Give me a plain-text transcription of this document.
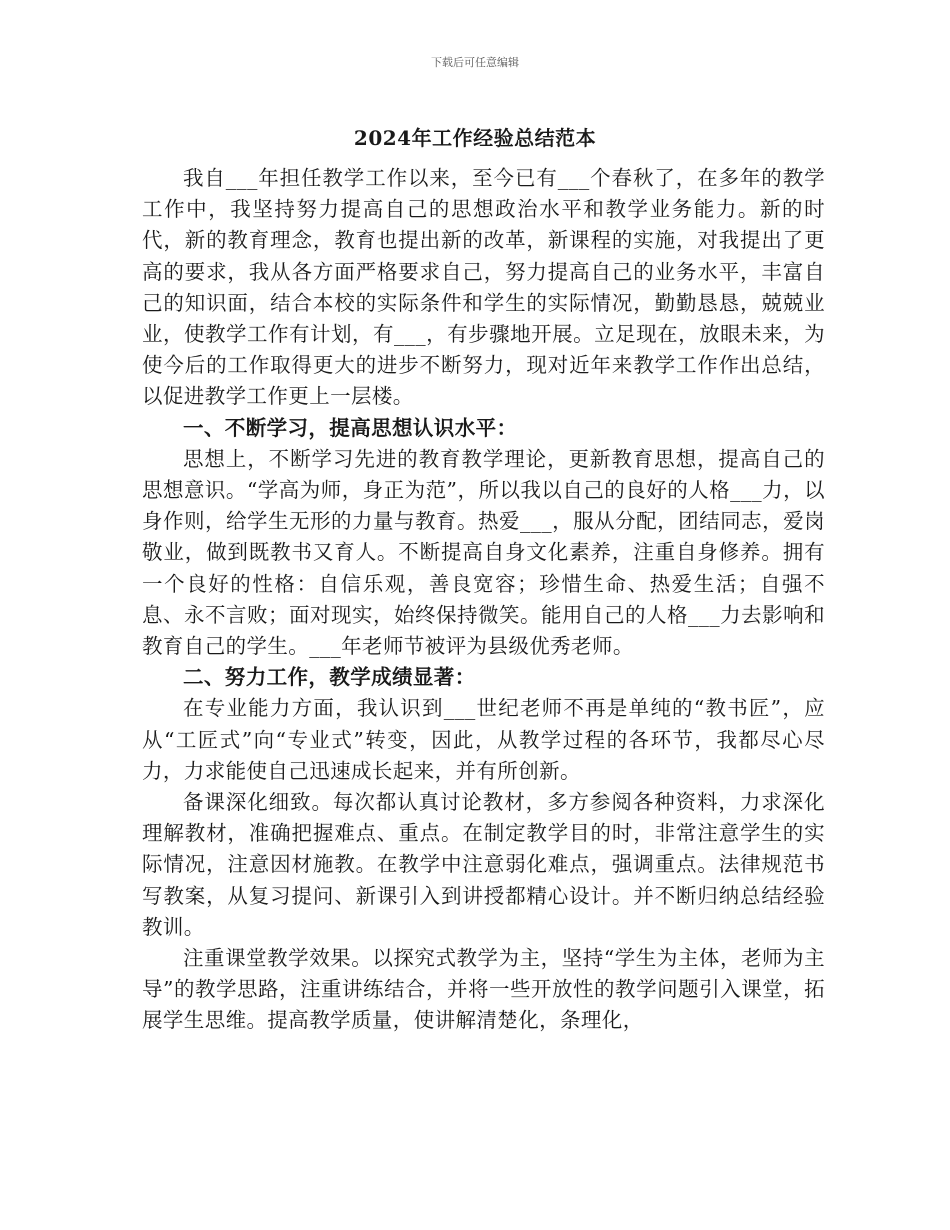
下载后可任意编辑
2024年工作经验总结范本

我自___年担任教学工作以来，至今已有___个春秋了，在多年的教学工作中，我坚持努力提高自己的思想政治水平和教学业务能力。新的时代，新的教育理念，教育也提出新的改革，新课程的实施，对我提出了更高的要求，我从各方面严格要求自己，努力提高自己的业务水平，丰富自己的知识面，结合本校的实际条件和学生的实际情况，勤勤恳恳，兢兢业业，使教学工作有计划，有___，有步骤地开展。立足现在，放眼未来，为使今后的工作取得更大的进步不断努力，现对近年来教学工作作出总结，以促进教学工作更上一层楼。

一、不断学习，提高思想认识水平：

思想上，不断学习先进的教育教学理论，更新教育思想，提高自己的思想意识。“学高为师，身正为范”，所以我以自己的良好的人格___力，以身作则，给学生无形的力量与教育。热爱___，服从分配，团结同志，爱岗敬业，做到既教书又育人。不断提高自身文化素养，注重自身修养。拥有一个良好的性格：自信乐观，善良宽容；珍惜生命、热爱生活；自强不息、永不言败；面对现实，始终保持微笑。能用自己的人格___力去影响和教育自己的学生。___年老师节被评为县级优秀老师。

二、努力工作，教学成绩显著：

在专业能力方面，我认识到___世纪老师不再是单纯的“教书匠”，应从“工匠式”向“专业式”转变，因此，从教学过程的各环节，我都尽心尽力，力求能使自己迅速成长起来，并有所创新。

备课深化细致。每次都认真讨论教材，多方参阅各种资料，力求深化理解教材，准确把握难点、重点。在制定教学目的时，非常注意学生的实际情况，注意因材施教。在教学中注意弱化难点，强调重点。法律规范书写教案，从复习提问、新课引入到讲授都精心设计。并不断归纳总结经验教训。

注重课堂教学效果。以探究式教学为主，坚持“学生为主体，老师为主导”的教学思路，注重讲练结合，并将一些开放性的教学问题引入课堂，拓展学生思维。提高教学质量，使讲解清楚化，条理化，
